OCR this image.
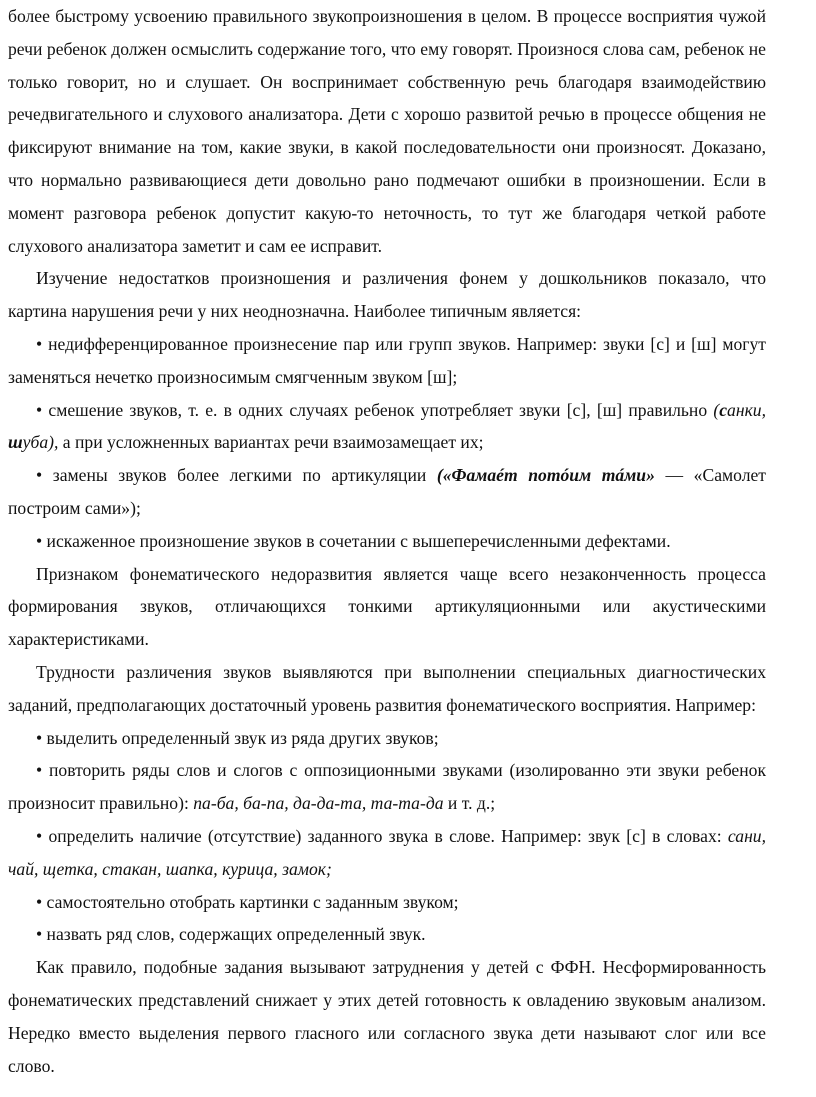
более быстрому усвоению правильного звукопроизношения в целом. В процессе восприятия чужой речи ребенок должен осмыслить содержание того, что ему говорят. Произнося слова сам, ребенок не только говорит, но и слушает. Он воспринимает собственную речь благодаря взаимодействию речедвигательного и слухового анализатора. Дети с хорошо развитой речью в процессе общения не фиксируют внимание на том, какие звуки, в какой последовательности они произносят. Доказано, что нормально развивающиеся дети довольно рано подмечают ошибки в произношении. Если в момент разговора ребенок допустит какую-то неточность, то тут же благодаря четкой работе слухового анализатора заметит и сам ее исправит.

Изучение недостатков произношения и различения фонем у дошкольников показало, что картина нарушения речи у них неоднозначна. Наиболее типичным является:

• недифференцированное произнесение пар или групп звуков. Например: звуки [с] и [ш] могут заменяться нечетко произносимым смягченным звуком [ш];

• смешение звуков, т. е. в одних случаях ребенок употребляет звуки [с], [ш] правильно (санки, шуба), а при усложненных вариантах речи взаимозамещает их;

• замены звуков более легкими по артикуляции («Фамаéт потóим тáми» — «Самолет построим сами»);

• искаженное произношение звуков в сочетании с вышеперечисленными дефектами.

Признаком фонематического недоразвития является чаще всего незаконченность процесса формирования звуков, отличающихся тонкими артикуляционными или акустическими характеристиками.

Трудности различения звуков выявляются при выполнении специальных диагностических заданий, предполагающих достаточный уровень развития фонематического восприятия. Например:

• выделить определенный звук из ряда других звуков;

• повторить ряды слов и слогов с оппозиционными звуками (изолированно эти звуки ребенок произносит правильно): па-ба, ба-па, да-да-та, та-та-да и т. д.;

• определить наличие (отсутствие) заданного звука в слове. Например: звук [с] в словах: сани, чай, щетка, стакан, шапка, курица, замок;

• самостоятельно отобрать картинки с заданным звуком;

• назвать ряд слов, содержащих определенный звук.

Как правило, подобные задания вызывают затруднения у детей с ФФН. Несформированность фонематических представлений снижает у этих детей готовность к овладению звуковым анализом. Нередко вместо выделения первого гласного или согласного звука дети называют слог или все слово.
